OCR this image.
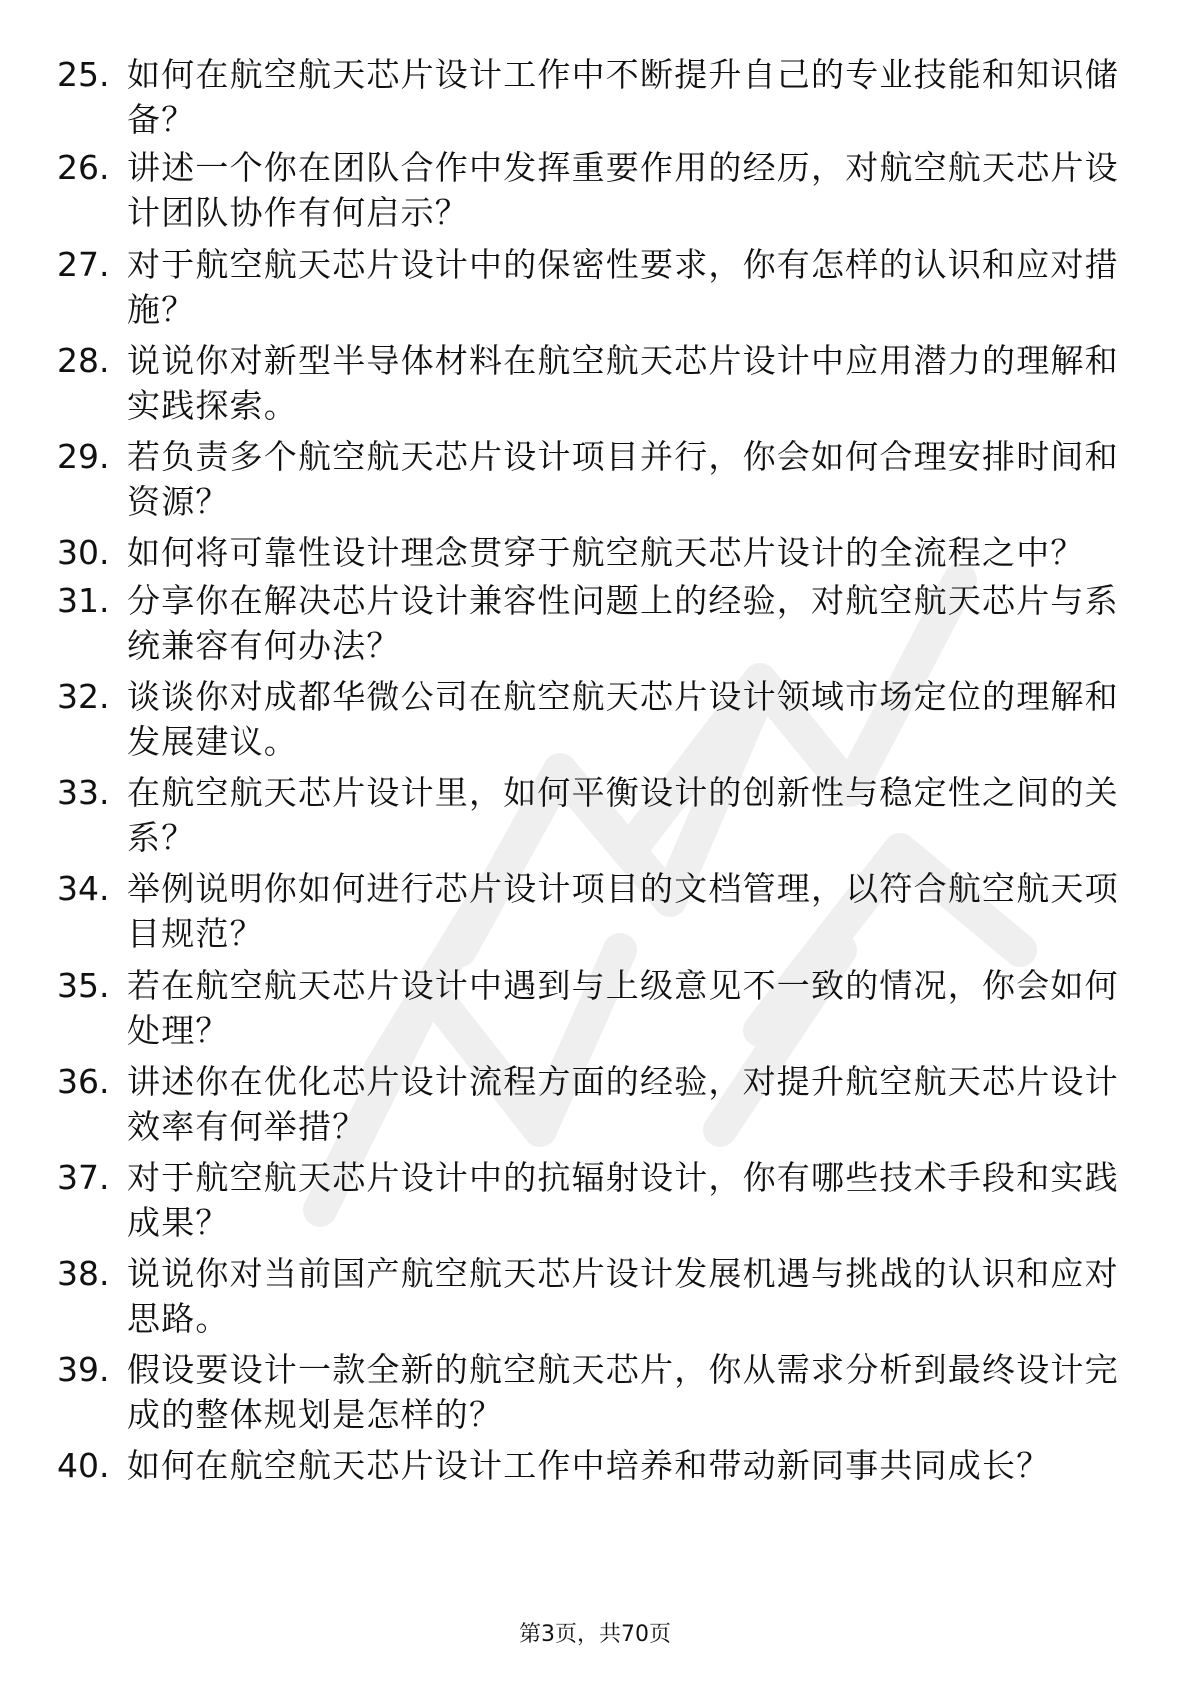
25. 如何在航空航天芯片设计工作中不断提升自己的专业技能和知识储备？
26. 讲述一个你在团队合作中发挥重要作用的经历，对航空航天芯片设计团队协作有何启示？
27. 对于航空航天芯片设计中的保密性要求，你有怎样的认识和应对措施？
28. 说说你对新型半导体材料在航空航天芯片设计中应用潜力的理解和实践探索。
29. 若负责多个航空航天芯片设计项目并行，你会如何合理安排时间和资源？
30. 如何将可靠性设计理念贯穿于航空航天芯片设计的全流程之中？
31. 分享你在解决芯片设计兼容性问题上的经验，对航空航天芯片与系统兼容有何办法？
32. 谈谈你对成都华微公司在航空航天芯片设计领域市场定位的理解和发展建议。
33. 在航空航天芯片设计里，如何平衡设计的创新性与稳定性之间的关系？
34. 举例说明你如何进行芯片设计项目的文档管理，以符合航空航天项目规范？
35. 若在航空航天芯片设计中遇到与上级意见不一致的情况，你会如何处理？
36. 讲述你在优化芯片设计流程方面的经验，对提升航空航天芯片设计效率有何举措？
37. 对于航空航天芯片设计中的抗辐射设计，你有哪些技术手段和实践成果？
38. 说说你对当前国产航空航天芯片设计发展机遇与挑战的认识和应对思路。
39. 假设要设计一款全新的航空航天芯片，你从需求分析到最终设计完成的整体规划是怎样的？
40. 如何在航空航天芯片设计工作中培养和带动新同事共同成长？
第3页，共70页
